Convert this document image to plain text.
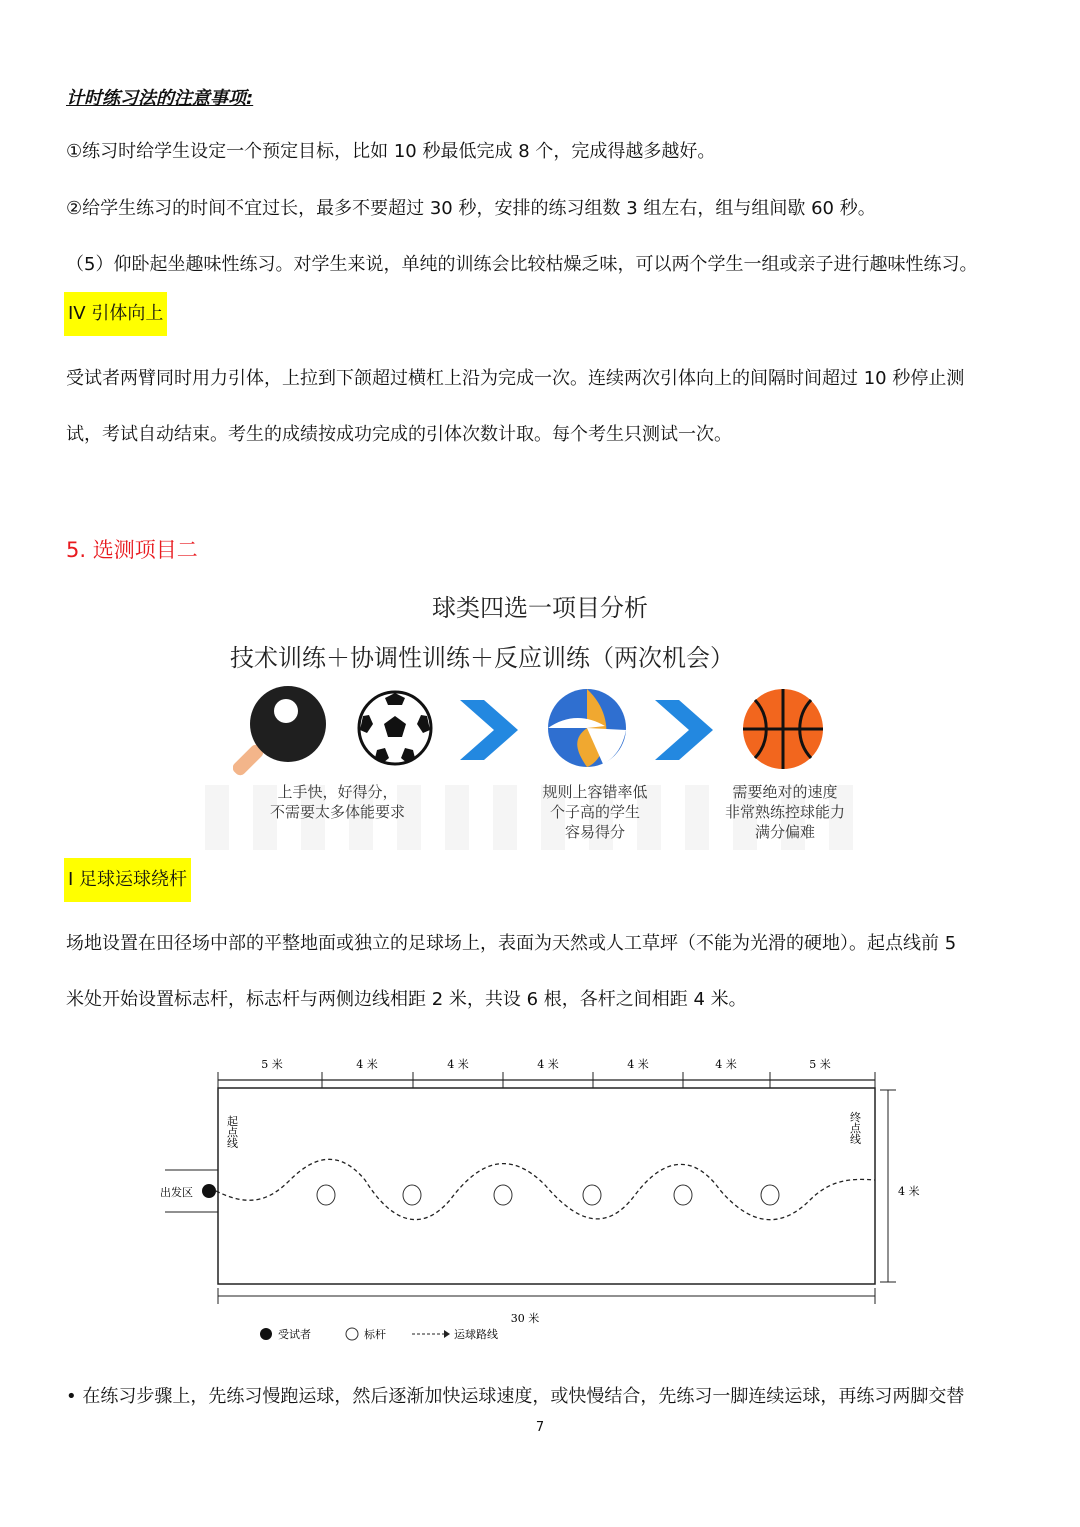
计时练习法的注意事项:
①练习时给学生设定一个预定目标，比如 10 秒最低完成 8 个，完成得越多越好。
②给学生练习的时间不宜过长，最多不要超过 30 秒，安排的练习组数 3 组左右，组与组间歇 60 秒。
（5）仰卧起坐趣味性练习。对学生来说，单纯的训练会比较枯燥乏味，可以两个学生一组或亲子进行趣味性练习。
IV 引体向上
受试者两臂同时用力引体，上拉到下颌超过横杠上沿为完成一次。连续两次引体向上的间隔时间超过 10 秒停止测
试，考试自动结束。考生的成绩按成功完成的引体次数计取。每个考生只测试一次。
5. 选测项目二
球类四选一项目分析
技术训练＋协调性训练＋反应训练（两次机会）
上手快，好得分，
不需要太多体能要求
规则上容错率低
个子高的学生
容易得分
需要绝对的速度
非常熟练控球能力
满分偏难
I 足球运球绕杆
场地设置在田径场中部的平整地面或独立的足球场上，表面为天然或人工草坪（不能为光滑的硬地）。起点线前 5
米处开始设置标志杆，标志杆与两侧边线相距 2 米，共设 6 根，各杆之间相距 4 米。
5 米	4 米	4 米	4 米	4 米	4 米	5 米
出发区
起点线	终点线
4 米
30 米
受试者	标杆	运球路线
• 在练习步骤上，先练习慢跑运球，然后逐渐加快运球速度，或快慢结合，先练习一脚连续运球，再练习两脚交替
7
